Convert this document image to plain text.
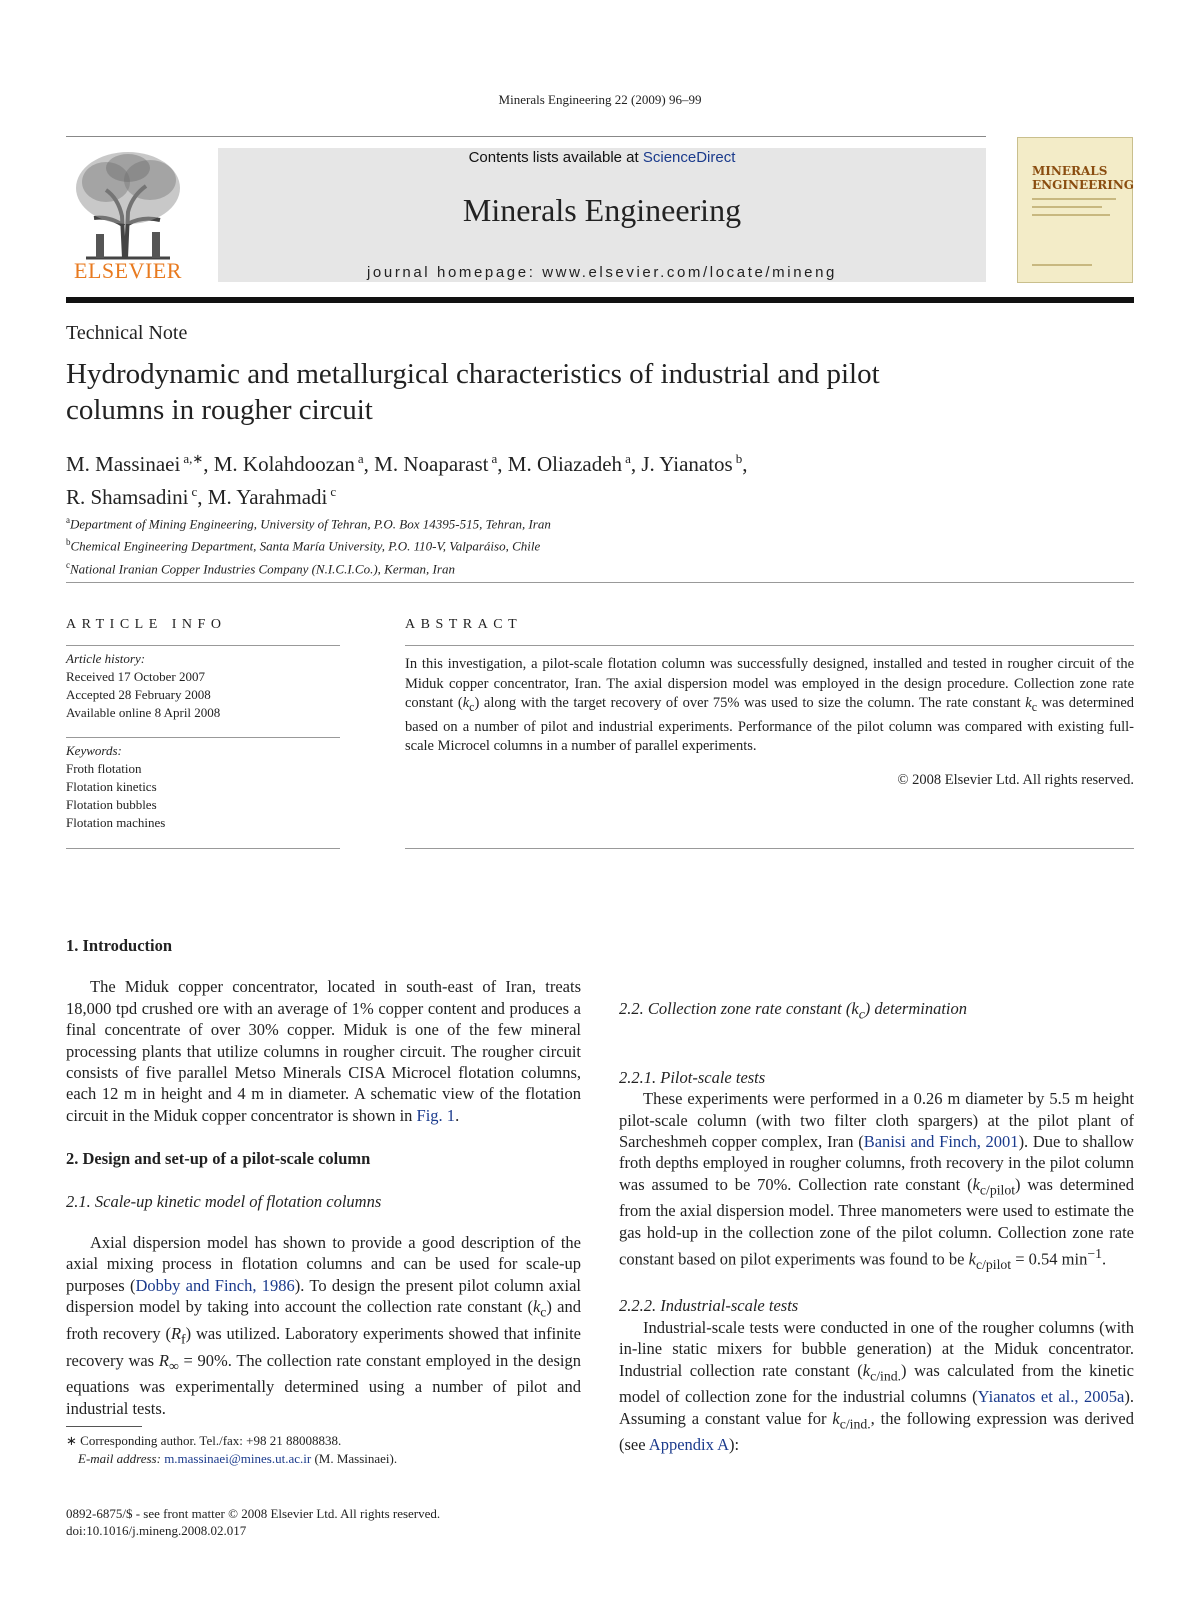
Minerals Engineering 22 (2009) 96–99
ELSEVIER
Contents lists available at ScienceDirect
Minerals Engineering
journal homepage: www.elsevier.com/locate/mineng
MINERALS
ENGINEERING
Technical Note
Hydrodynamic and metallurgical characteristics of industrial and pilot columns in rougher circuit
M. Massinaei $^{a,∗}$, M. Kolahdoozan $^a$, M. Noaparast $^a$, M. Oliazadeh $^a$, J. Yianatos $^b$,
R. Shamsadini $^c$, M. Yarahmadi $^c$
$^a$Department of Mining Engineering, University of Tehran, P.O. Box 14395-515, Tehran, Iran
$^b$Chemical Engineering Department, Santa María University, P.O. 110-V, Valparáiso, Chile
$^c$National Iranian Copper Industries Company (N.I.C.I.Co.), Kerman, Iran
ARTICLE INFO
Article history:
Received 17 October 2007
Accepted 28 February 2008
Available online 8 April 2008
Keywords:
Froth flotation
Flotation kinetics
Flotation bubbles
Flotation machines
ABSTRACT
In this investigation, a pilot-scale flotation column was successfully designed, installed and tested in rougher circuit of the Miduk copper concentrator, Iran. The axial dispersion model was employed in the design procedure. Collection zone rate constant $(k_c)$ along with the target recovery of over 75% was used to size the column. The rate constant $k_c$ was determined based on a number of pilot and industrial experiments. Performance of the pilot column was compared with existing full-scale Microcel columns in a number of parallel experiments.
© 2008 Elsevier Ltd. All rights reserved.
1. Introduction

The Miduk copper concentrator, located in south-east of Iran, treats 18,000 tpd crushed ore with an average of 1% copper content and produces a final concentrate of over 30% copper. Miduk is one of the few mineral processing plants that utilize columns in rougher circuit. The rougher circuit consists of five parallel Metso Minerals CISA Microcel flotation columns, each 12 m in height and 4 m in diameter. A schematic view of the flotation circuit in the Miduk copper concentrator is shown in Fig. 1.

2. Design and set-up of a pilot-scale column
2.1. Scale-up kinetic model of flotation columns

Axial dispersion model has shown to provide a good description of the axial mixing process in flotation columns and can be used for scale-up purposes (Dobby and Finch, 1986). To design the present pilot column axial dispersion model by taking into account the collection rate constant $(k_c)$ and froth recovery $(R_f)$ was utilized. Laboratory experiments showed that infinite recovery was $R_\infty = 90\%$. The collection rate constant employed in the design equations was experimentally determined using a number of pilot and industrial tests.

2.2. Collection zone rate constant $(k_c)$ determination
2.2.1. Pilot-scale tests

These experiments were performed in a 0.26 m diameter by 5.5 m height pilot-scale column (with two filter cloth spargers) at the pilot plant of Sarcheshmeh copper complex, Iran (Banisi and Finch, 2001). Due to shallow froth depths employed in rougher columns, froth recovery in the pilot column was assumed to be 70%. Collection rate constant $(k_{c/pilot})$ was determined from the axial dispersion model. Three manometers were used to estimate the gas hold-up in the collection zone of the pilot column. Collection zone rate constant based on pilot experiments was found to be $k_{c/pilot} = 0.54$ $\min^{-1}$.

2.2.2. Industrial-scale tests

Industrial-scale tests were conducted in one of the rougher columns (with in-line static mixers for bubble generation) at the Miduk concentrator. Industrial collection rate constant $(k_{c/ind.})$ was calculated from the kinetic model of collection zone for the industrial columns (Yianatos et al., 2005a). Assuming a constant value for $k_{c/ind.}$, the following expression was derived (see Appendix A):

∗ Corresponding author. Tel./fax: +98 21 88008838.
E-mail address: m.massinaei@mines.ut.ac.ir (M. Massinaei).
0892-6875/$ - see front matter © 2008 Elsevier Ltd. All rights reserved.
doi:10.1016/j.mineng.2008.02.017
